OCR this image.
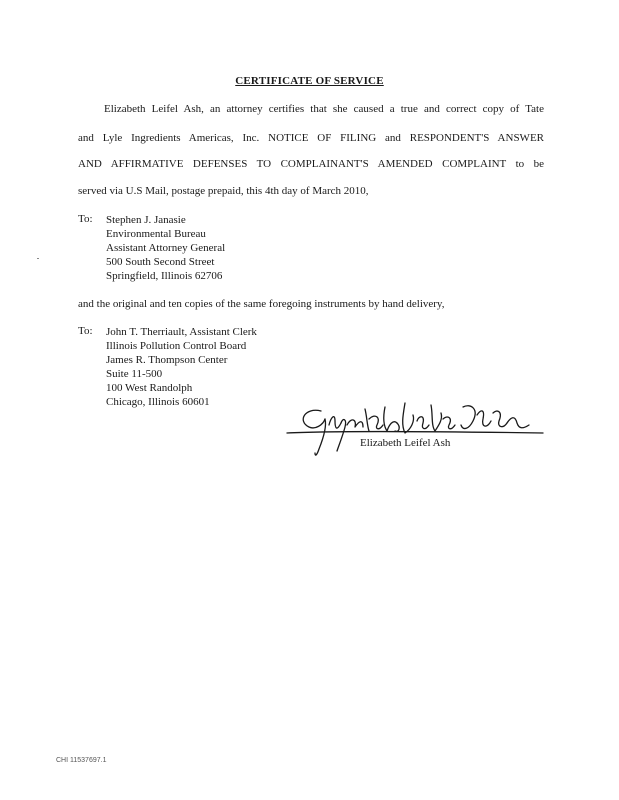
CERTIFICATE OF SERVICE
Elizabeth Leifel Ash, an attorney certifies that she caused a true and correct copy of Tate
and Lyle Ingredients Americas, Inc. NOTICE OF FILING and RESPONDENT'S ANSWER
AND AFFIRMATIVE DEFENSES TO COMPLAINANT'S AMENDED COMPLAINT to be
served via U.S Mail, postage prepaid, this 4th day of March 2010,
To: Stephen J. Janasie
Environmental Bureau
Assistant Attorney General
500 South Second Street
Springfield, Illinois 62706
and the original and ten copies of the same foregoing instruments by hand delivery,
To: John T. Therriault, Assistant Clerk
Illinois Pollution Control Board
James R. Thompson Center
Suite 11-500
100 West Randolph
Chicago, Illinois 60601
Elizabeth Leifel Ash
CHI 11537697.1
